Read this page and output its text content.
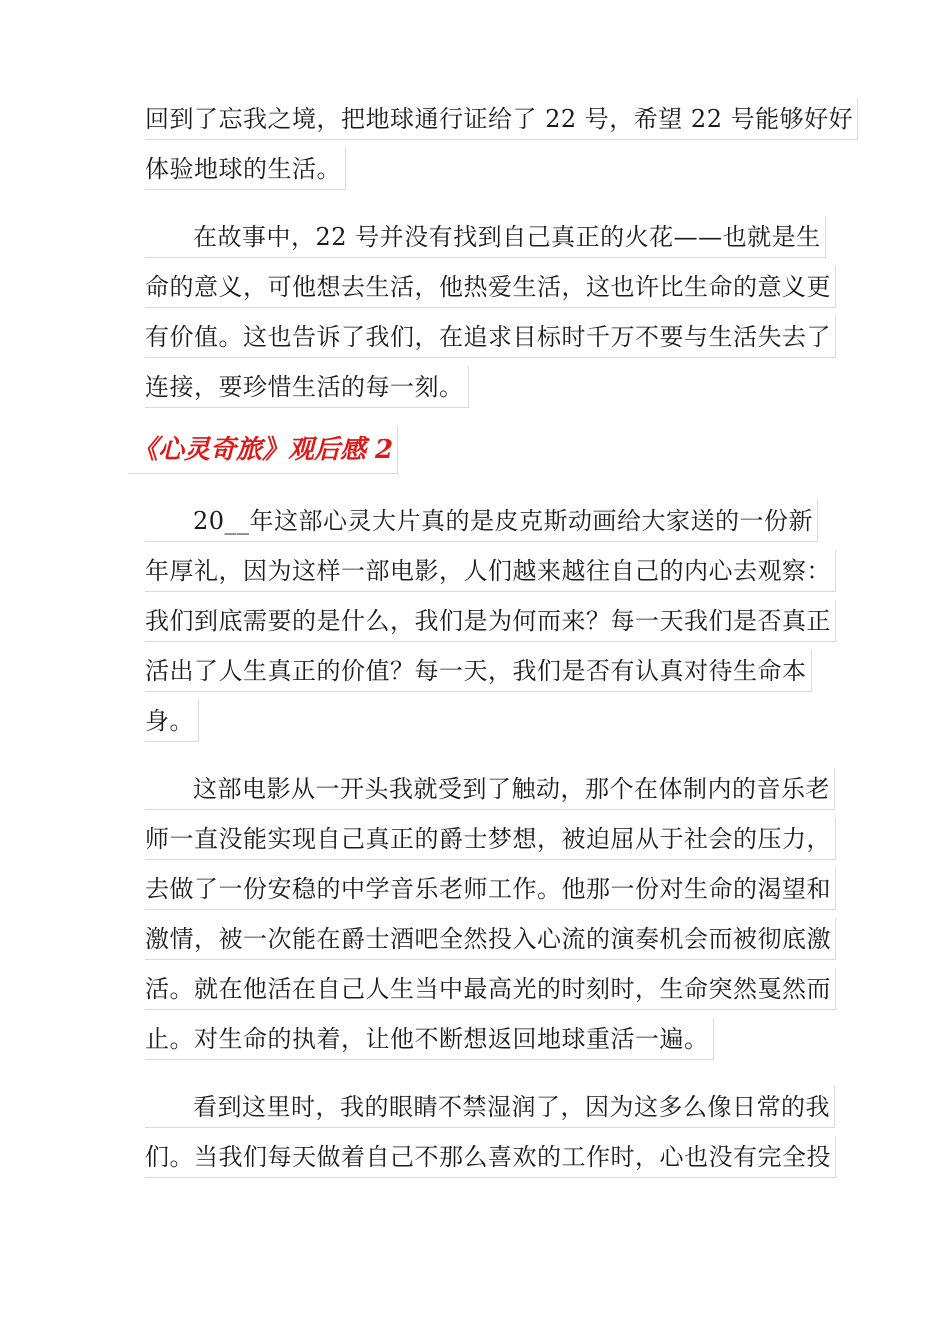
回到了忘我之境，把地球通行证给了 22 号，希望 22 号能够好好
体验地球的生活。
在故事中，22 号并没有找到自己真正的火花——也就是生
命的意义，可他想去生活，他热爱生活，这也许比生命的意义更
有价值。这也告诉了我们，在追求目标时千万不要与生活失去了
连接，要珍惜生活的每一刻。
《心灵奇旅》观后感 2
20__年这部心灵大片真的是皮克斯动画给大家送的一份新
年厚礼，因为这样一部电影，人们越来越往自己的内心去观察：
我们到底需要的是什么，我们是为何而来？每一天我们是否真正
活出了人生真正的价值？每一天，我们是否有认真对待生命本
身。
这部电影从一开头我就受到了触动，那个在体制内的音乐老
师一直没能实现自己真正的爵士梦想，被迫屈从于社会的压力，
去做了一份安稳的中学音乐老师工作。他那一份对生命的渴望和
激情，被一次能在爵士酒吧全然投入心流的演奏机会而被彻底激
活。就在他活在自己人生当中最高光的时刻时，生命突然戛然而
止。对生命的执着，让他不断想返回地球重活一遍。
看到这里时，我的眼睛不禁湿润了，因为这多么像日常的我
们。当我们每天做着自己不那么喜欢的工作时，心也没有完全投
